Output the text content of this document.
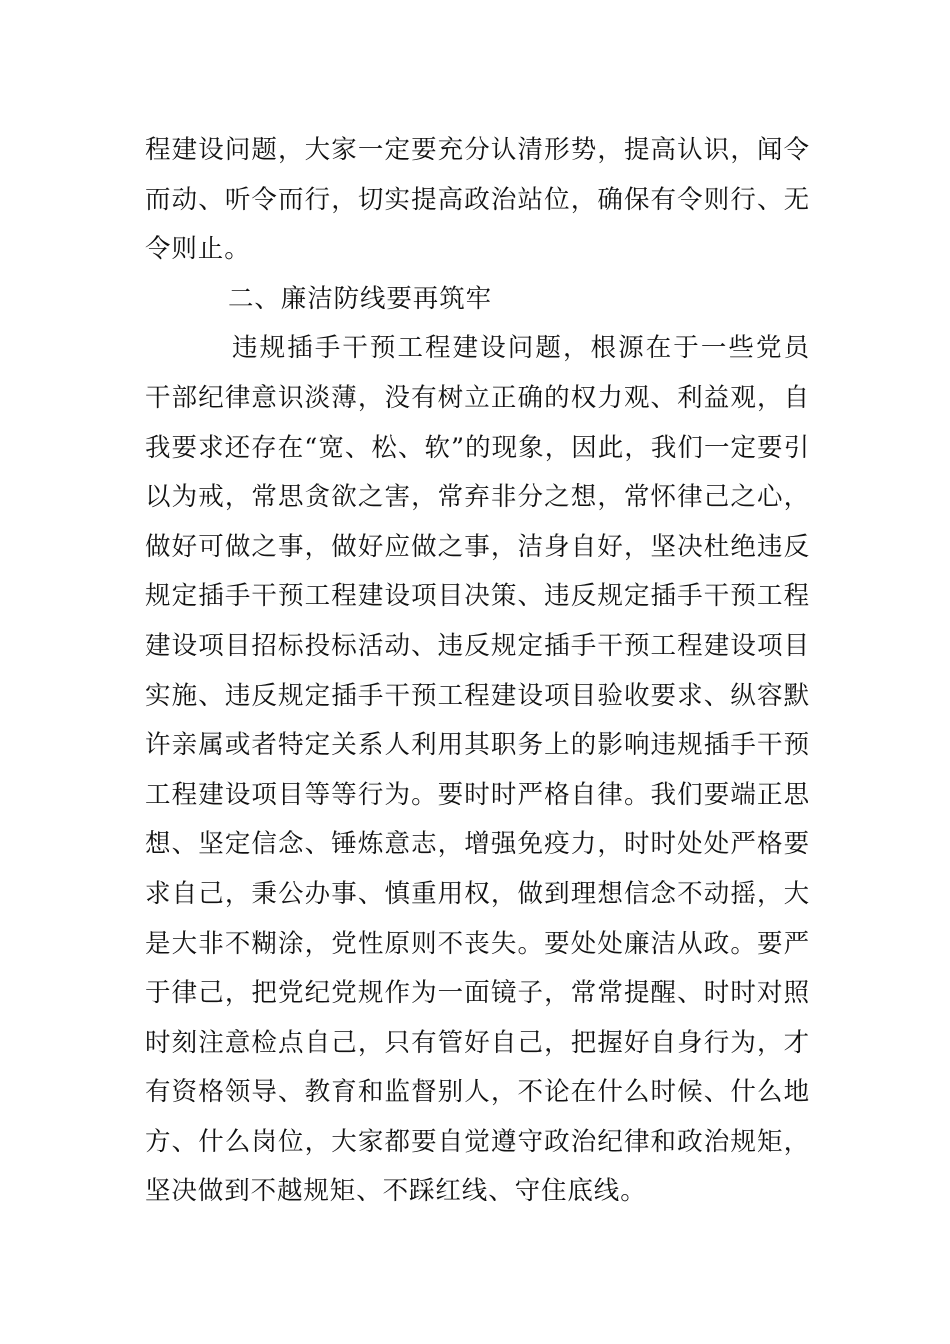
程建设问题，大家一定要充分认清形势，提高认识，闻令而动、听令而行，切实提高政治站位，确保有令则行、无令则止。

二、廉洁防线要再筑牢

违规插手干预工程建设问题，根源在于一些党员干部纪律意识淡薄，没有树立正确的权力观、利益观，自我要求还存在“宽、松、软”的现象，因此，我们一定要引以为戒，常思贪欲之害，常弃非分之想，常怀律己之心，做好可做之事，做好应做之事，洁身自好，坚决杜绝违反规定插手干预工程建设项目决策、违反规定插手干预工程建设项目招标投标活动、违反规定插手干预工程建设项目实施、违反规定插手干预工程建设项目验收要求、纵容默许亲属或者特定关系人利用其职务上的影响违规插手干预工程建设项目等等行为。要时时严格自律。我们要端正思想、坚定信念、锤炼意志，增强免疫力，时时处处严格要求自己，秉公办事、慎重用权，做到理想信念不动摇，大是大非不糊涂，党性原则不丧失。要处处廉洁从政。要严于律己，把党纪党规作为一面镜子，常常提醒、时时对照时刻注意检点自己，只有管好自己，把握好自身行为，才有资格领导、教育和监督别人，不论在什么时候、什么地方、什么岗位，大家都要自觉遵守政治纪律和政治规矩，坚决做到不越规矩、不踩红线、守住底线。
